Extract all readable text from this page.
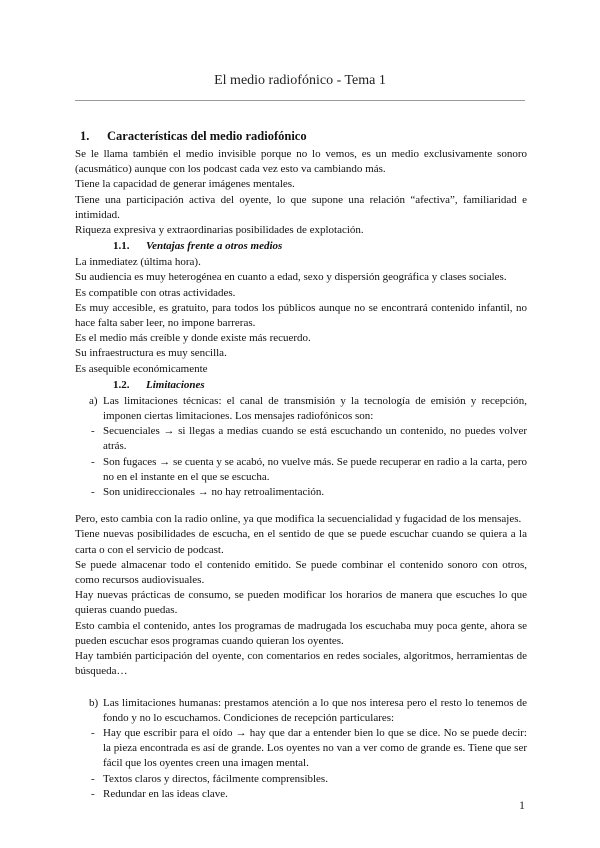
El medio radiofónico - Tema 1
1. Características del medio radiofónico

Se le llama también el medio invisible porque no lo vemos, es un medio exclusivamente sonoro (acusmático) aunque con los podcast cada vez esto va cambiando más.

Tiene la capacidad de generar imágenes mentales.

Tiene una participación activa del oyente, lo que supone una relación “afectiva”, familiaridad e intimidad.

Riqueza expresiva y extraordinarias posibilidades de explotación.

1.1. Ventajas frente a otros medios

La inmediatez (última hora).

Su audiencia es muy heterogénea en cuanto a edad, sexo y dispersión geográfica y clases sociales.

Es compatible con otras actividades.

Es muy accesible, es gratuito, para todos los públicos aunque no se encontrará contenido infantil, no hace falta saber leer, no impone barreras.

Es el medio más creíble y donde existe más recuerdo.

Su infraestructura es muy sencilla.

Es asequible económicamente

1.2. Limitaciones
a) Las limitaciones técnicas: el canal de transmisión y la tecnología de emisión y recepción, imponen ciertas limitaciones. Los mensajes radiofónicos son:
- Secuenciales → si llegas a medias cuando se está escuchando un contenido, no puedes volver atrás.
- Son fugaces → se cuenta y se acabó, no vuelve más. Se puede recuperar en radio a la carta, pero no en el instante en el que se escucha.
- Son unidireccionales → no hay retroalimentación.

Pero, esto cambia con la radio online, ya que modifica la secuencialidad y fugacidad de los mensajes.

Tiene nuevas posibilidades de escucha, en el sentido de que se puede escuchar cuando se quiera a la carta o con el servicio de podcast.

Se puede almacenar todo el contenido emitido. Se puede combinar el contenido sonoro con otros, como recursos audiovisuales.

Hay nuevas prácticas de consumo, se pueden modificar los horarios de manera que escuches lo que quieras cuando puedas.

Esto cambia el contenido, antes los programas de madrugada los escuchaba muy poca gente, ahora se pueden escuchar esos programas cuando quieran los oyentes.

Hay también participación del oyente, con comentarios en redes sociales, algoritmos, herramientas de búsqueda…

b) Las limitaciones humanas: prestamos atención a lo que nos interesa pero el resto lo tenemos de fondo y no lo escuchamos. Condiciones de recepción particulares:
- Hay que escribir para el oído → hay que dar a entender bien lo que se dice. No se puede decir: la pieza encontrada es así de grande. Los oyentes no van a ver como de grande es. Tiene que ser fácil que los oyentes creen una imagen mental.
- Textos claros y directos, fácilmente comprensibles.
- Redundar en las ideas clave.
1
